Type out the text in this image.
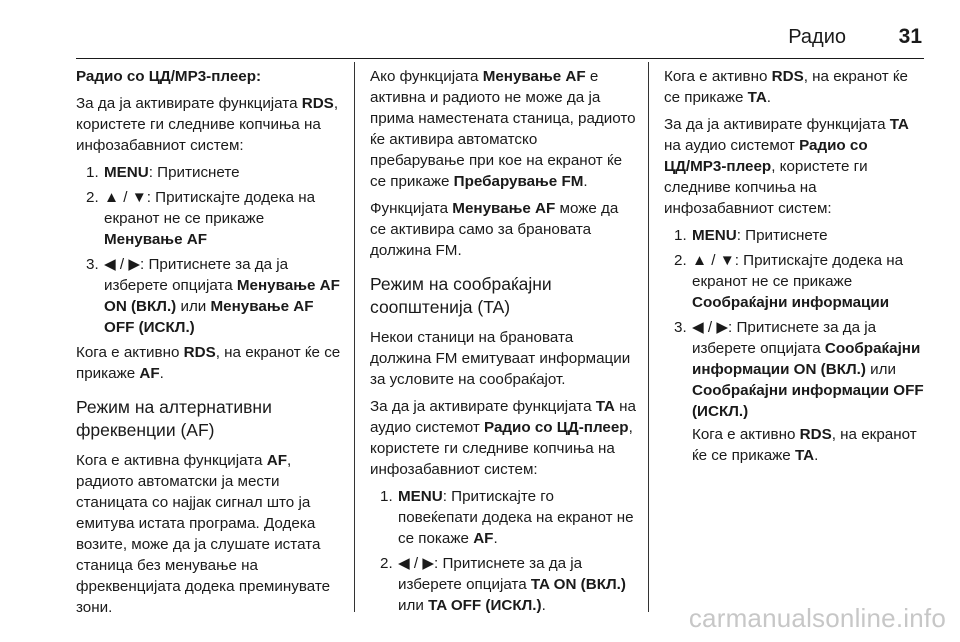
Радио	31

Радио со ЦД/MP3-плеер:

За да ја активирате функцијата RDS, користете ги следниве копчиња на инфозабавниот систем:

1. MENU: Притиснете
2. ▲ / ▼: Притискајте додека на екранот не се прикаже Менување AF
3. ◀ / ▶: Притиснете за да ја изберете опцијата Менување AF ON (ВКЛ.) или Менување AF OFF (ИСКЛ.)

Кога е активно RDS, на екранот ќе се прикаже AF.

Режим на алтернативни фреквенции (AF)

Кога е активна функцијата AF, радиото автоматски ја мести станицата со најјак сигнал што ја емитува истата програма. Додека возите, може да ја слушате истата станица без менување на фреквенцијата додека преминувате зони.

Ако функцијата Менување AF е активна и радиото не може да ја прима наместената станица, радиото ќе активира автоматско пребарување при кое на екранот ќе се прикаже Пребарување FM.

Функцијата Менување AF може да се активира само за брановата должина FM.

Режим на сообраќајни соопштенија (TA)

Некои станици на брановата должина FM емитуваат информации за условите на сообраќајот.

За да ја активирате функцијата TA на аудио системот Радио со ЦД-плеер, користете ги следниве копчиња на инфозабавниот систем:

1. MENU: Притискајте го повеќепати додека на екранот не се покаже AF.
2. ◀ / ▶: Притиснете за да ја изберете опцијата TA ON (ВКЛ.) или TA OFF (ИСКЛ.).

Кога е активно RDS, на екранот ќе се прикаже TA.

За да ја активирате функцијата TA на аудио системот Радио со ЦД/MP3-плеер, користете ги следниве копчиња на инфозабавниот систем:

1. MENU: Притиснете
2. ▲ / ▼: Притискајте додека на екранот не се прикаже Сообраќајни информации
3. ◀ / ▶: Притиснете за да ја изберете опцијата Сообраќајни информации ON (ВКЛ.) или Сообраќајни информации OFF (ИСКЛ.)

Кога е активно RDS, на екранот ќе се прикаже TA.

carmanualsonline.info
